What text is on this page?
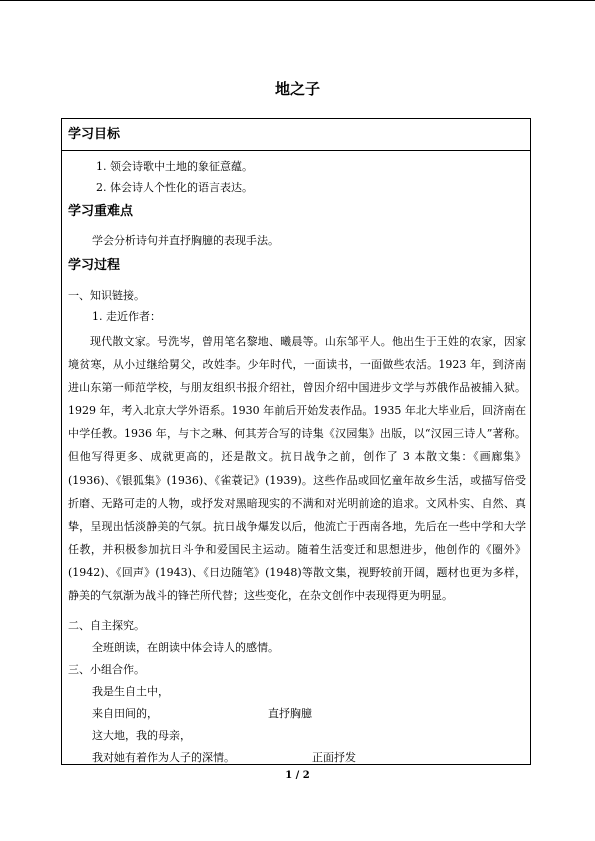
地之子
学习目标
1. 领会诗歌中土地的象征意蕴。
2. 体会诗人个性化的语言表达。
学习重难点
学会分析诗句并直抒胸臆的表现手法。
学习过程
一、知识链接。
1. 走近作者：
现代散文家。号洗岑，曾用笔名黎地、曦晨等。山东邹平人。他出生于王姓的农家，因家境贫寒，从小过继给舅父，改姓李。少年时代，一面读书，一面做些农活。1923 年，到济南进山东第一师范学校，与朋友组织书报介绍社，曾因介绍中国进步文学与苏俄作品被捕入狱。1929 年，考入北京大学外语系。1930 年前后开始发表作品。1935 年北大毕业后，回济南在中学任教。1936 年，与卞之琳、何其芳合写的诗集《汉园集》出版，以“汉园三诗人”著称。但他写得更多、成就更高的，还是散文。抗日战争之前，创作了 3 本散文集：《画廊集》(1936)、《银狐集》(1936)、《雀蓑记》(1939)。这些作品或回忆童年故乡生活，或描写倍受折磨、无路可走的人物，或抒发对黑暗现实的不满和对光明前途的追求。文风朴实、自然、真挚，呈现出恬淡静美的气氛。抗日战争爆发以后，他流亡于西南各地，先后在一些中学和大学任教，并积极参加抗日斗争和爱国民主运动。随着生活变迁和思想进步，他创作的《圈外》(1942)、《回声》(1943)、《日边随笔》(1948)等散文集，视野较前开阔，题材也更为多样，静美的气氛渐为战斗的锋芒所代替；这些变化，在杂文创作中表现得更为明显。
二、自主探究。
全班朗读，在朗读中体会诗人的感情。
三、小组合作。
我是生自土中，
来自田间的，	直抒胸臆
这大地，我的母亲，
我对她有着作为人子的深情。	正面抒发
1 / 2
